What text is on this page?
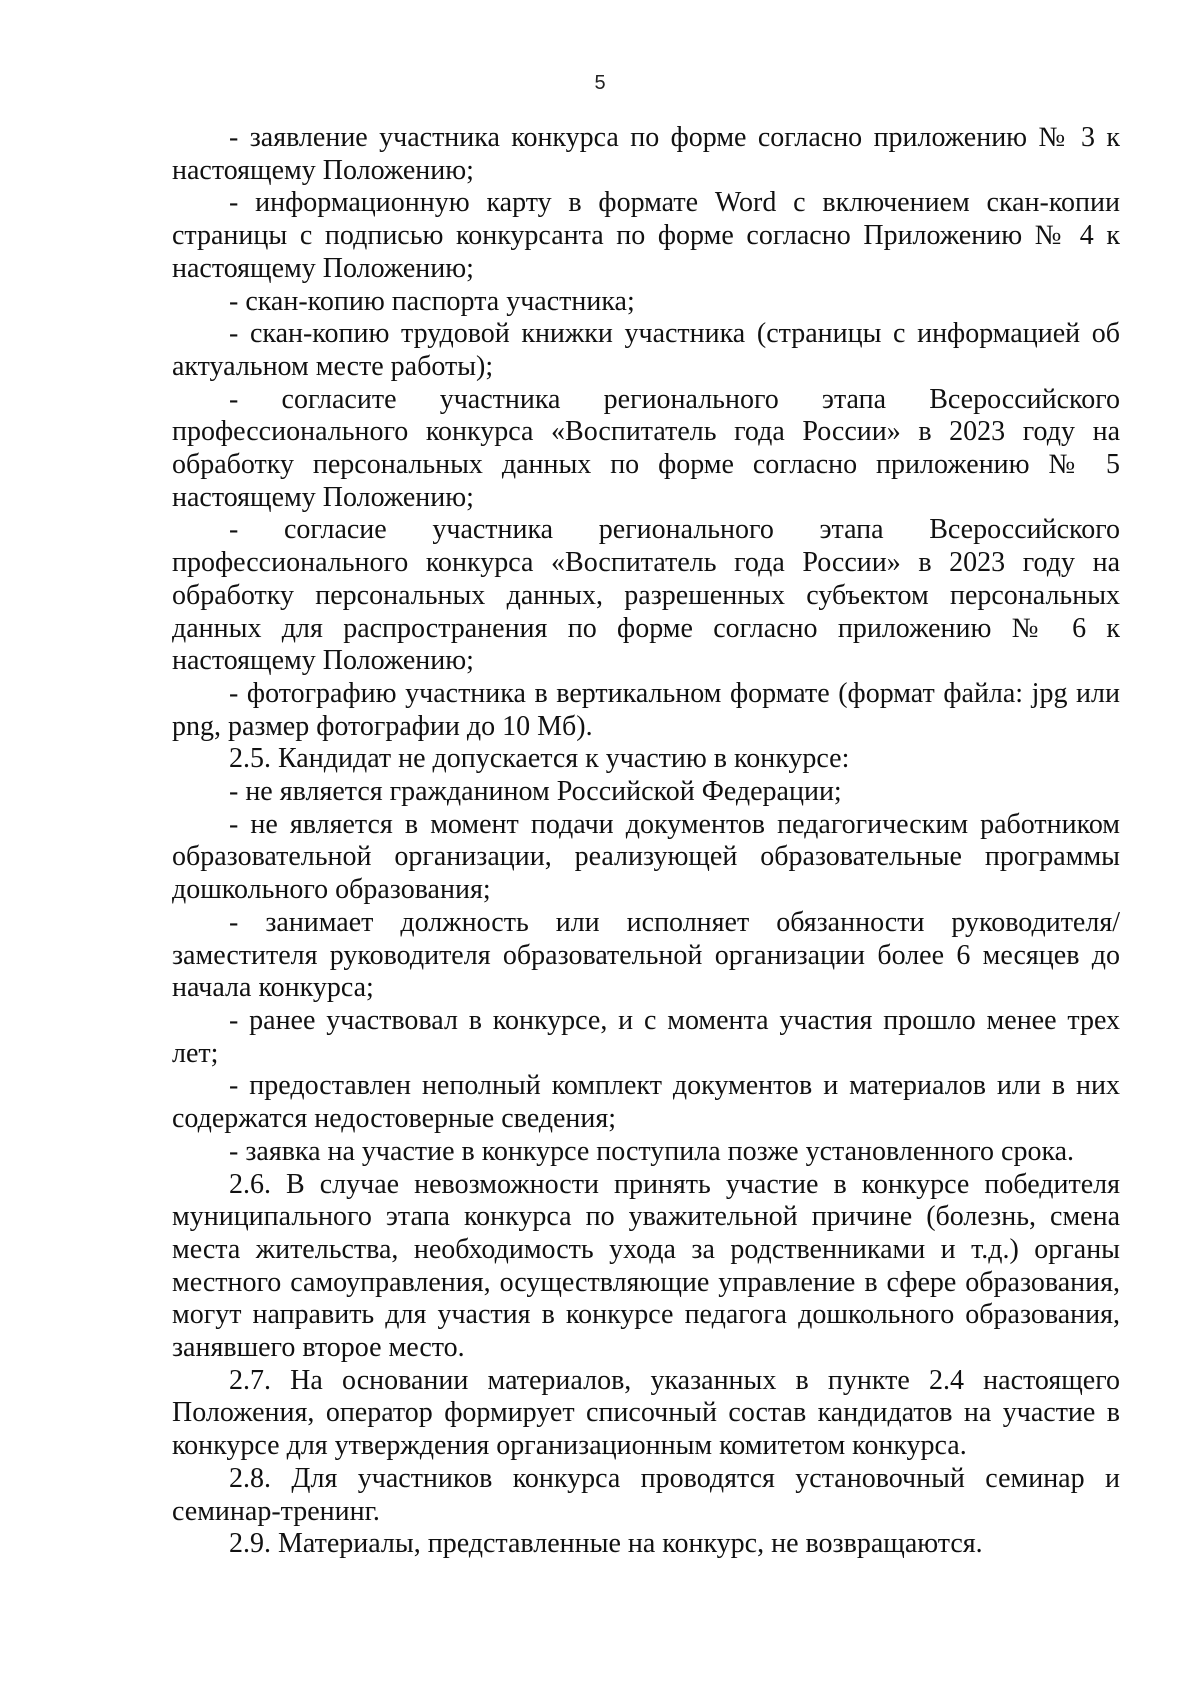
5

- заявление участника конкурса по форме согласно приложению № 3 к настоящему Положению;

- информационную карту в формате Word с включением скан-копии страницы с подписью конкурсанта по форме согласно Приложению № 4 к настоящему Положению;

- скан-копию паспорта участника;

- скан-копию трудовой книжки участника (страницы с информацией об актуальном месте работы);

- согласите участника регионального этапа Всероссийского профессионального конкурса «Воспитатель года России» в 2023 году на обработку персональных данных по форме согласно приложению № 5 настоящему Положению;

- согласие участника регионального этапа Всероссийского профессионального конкурса «Воспитатель года России» в 2023 году на обработку персональных данных, разрешенных субъектом персональных данных для распространения по форме согласно приложению № 6 к настоящему Положению;

- фотографию участника в вертикальном формате (формат файла: jpg или png, размер фотографии до 10 Мб).

2.5. Кандидат не допускается к участию в конкурсе:

- не является гражданином Российской Федерации;

- не является в момент подачи документов педагогическим работником образовательной организации, реализующей образовательные программы дошкольного образования;

- занимает должность или исполняет обязанности руководителя/ заместителя руководителя образовательной организации более 6 месяцев до начала конкурса;

- ранее участвовал в конкурсе, и с момента участия прошло менее трех лет;

- предоставлен неполный комплект документов и материалов или в них содержатся недостоверные сведения;

- заявка на участие в конкурсе поступила позже установленного срока.

2.6. В случае невозможности принять участие в конкурсе победителя муниципального этапа конкурса по уважительной причине (болезнь, смена места жительства, необходимость ухода за родственниками и т.д.) органы местного самоуправления, осуществляющие управление в сфере образования, могут направить для участия в конкурсе педагога дошкольного образования, занявшего второе место.

2.7. На основании материалов, указанных в пункте 2.4 настоящего Положения, оператор формирует списочный состав кандидатов на участие в конкурсе для утверждения организационным комитетом конкурса.

2.8. Для участников конкурса проводятся установочный семинар и семинар-тренинг.

2.9. Материалы, представленные на конкурс, не возвращаются.
